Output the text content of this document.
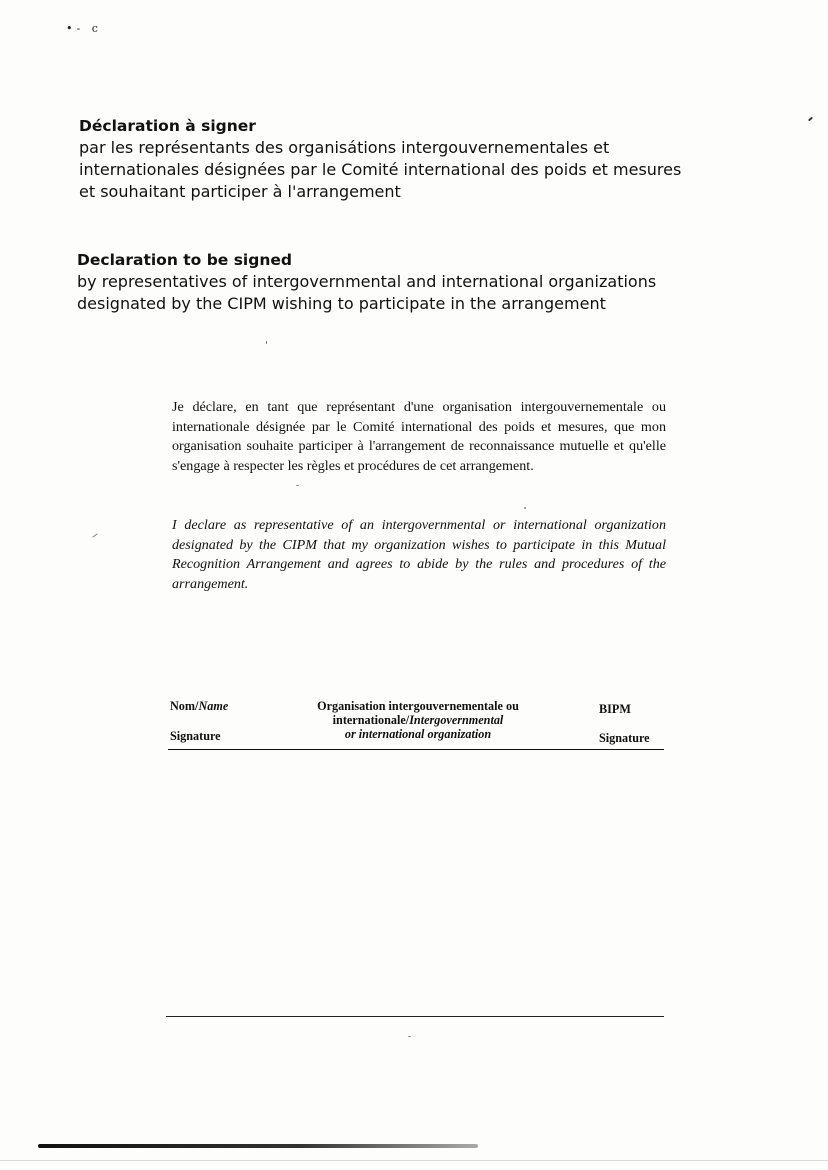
•- c
Déclaration à signer
par les représentants des organisátions intergouvernementales et
internationales désignées par le Comité international des poids et mesures
et souhaitant participer à l'arrangement
Declaration to be signed
by representatives of intergovernmental and international organizations
designated by the CIPM wishing to participate in the arrangement
Je déclare, en tant que représentant d'une organisation intergouvernementale ou internationale désignée par le Comité international des poids et mesures, que mon organisation souhaite participer à l'arrangement de reconnaissance mutuelle et qu'elle s'engage à respecter les règles et procédures de cet arrangement.
I declare as representative of an intergovernmental or international organization designated by the CIPM that my organization wishes to participate in this Mutual Recognition Arrangement and agrees to abide by the rules and procedures of the arrangement.
Nom/Name
Signature
Organisation intergouvernementale ou
internationale/Intergovernmental
or international organization
BIPM
Signature
